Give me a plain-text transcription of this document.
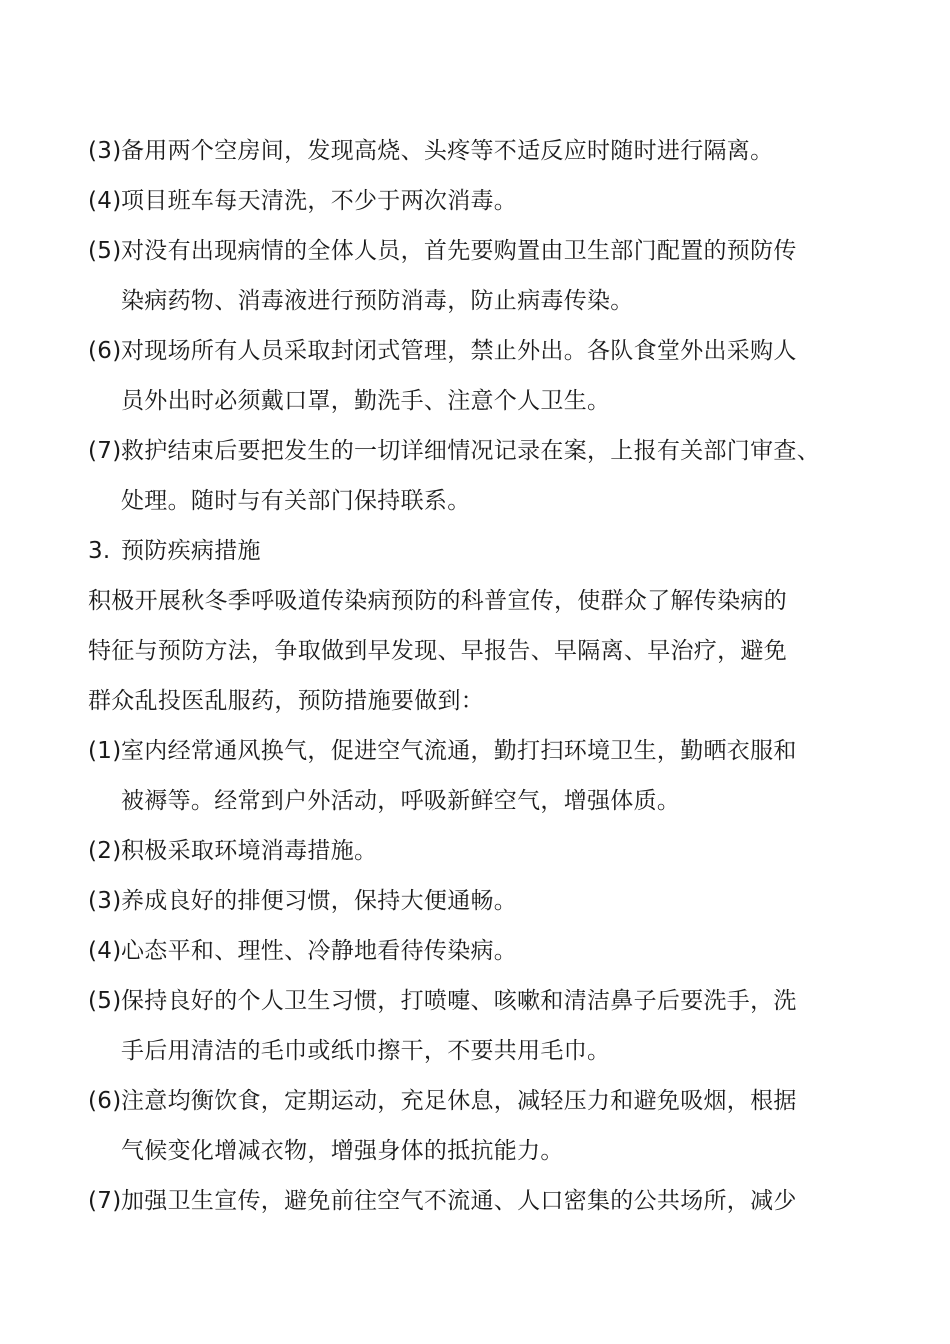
(3) 备用两个空房间，发现高烧、头疼等不适反应时随时进行隔离。
(4) 项目班车每天清洗，不少于两次消毒。
(5) 对没有出现病情的全体人员，首先要购置由卫生部门配置的预防传
染病药物、消毒液进行预防消毒，防止病毒传染。
(6) 对现场所有人员采取封闭式管理，禁止外出。各队食堂外出采购人
员外出时必须戴口罩，勤洗手、注意个人卫生。
(7) 救护结束后要把发生的一切详细情况记录在案，上报有关部门审查、
处理。随时与有关部门保持联系。
3. 预防疾病措施
积极开展秋冬季呼吸道传染病预防的科普宣传，使群众了解传染病的
特征与预防方法，争取做到早发现、早报告、早隔离、早治疗，避免
群众乱投医乱服药，预防措施要做到：
(1) 室内经常通风换气，促进空气流通，勤打扫环境卫生，勤晒衣服和
被褥等。经常到户外活动，呼吸新鲜空气，增强体质。
(2) 积极采取环境消毒措施。
(3) 养成良好的排便习惯，保持大便通畅。
(4) 心态平和、理性、冷静地看待传染病。
(5) 保持良好的个人卫生习惯，打喷嚏、咳嗽和清洁鼻子后要洗手，洗
手后用清洁的毛巾或纸巾擦干，不要共用毛巾。
(6) 注意均衡饮食，定期运动，充足休息，减轻压力和避免吸烟，根据
气候变化增减衣物，增强身体的抵抗能力。
(7) 加强卫生宣传，避免前往空气不流通、人口密集的公共场所，减少
